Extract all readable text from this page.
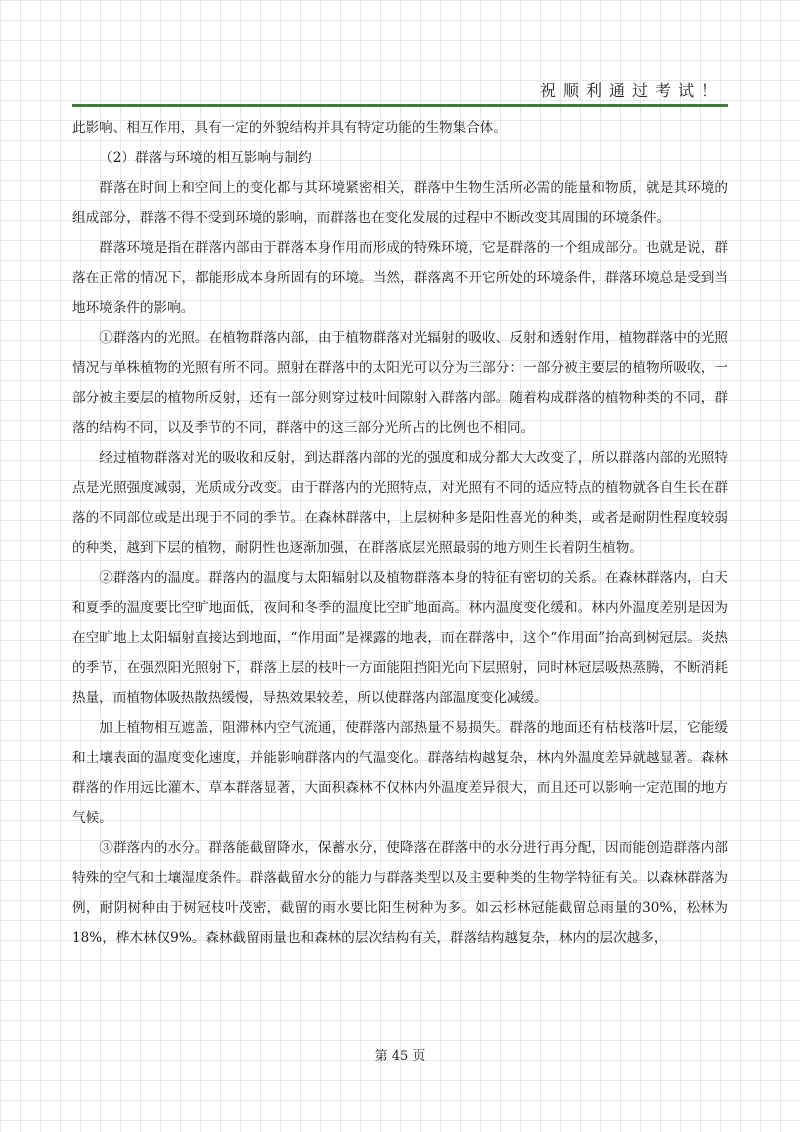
祝顺利通过考试！

此影响、相互作用，具有一定的外貌结构并具有特定功能的生物集合体。

（2）群落与环境的相互影响与制约

群落在时间上和空间上的变化都与其环境紧密相关，群落中生物生活所必需的能量和物质，就是其环境的组成部分，群落不得不受到环境的影响，而群落也在变化发展的过程中不断改变其周围的环境条件。

群落环境是指在群落内部由于群落本身作用而形成的特殊环境，它是群落的一个组成部分。也就是说，群落在正常的情况下，都能形成本身所固有的环境。当然，群落离不开它所处的环境条件，群落环境总是受到当地环境条件的影响。

①群落内的光照。在植物群落内部，由于植物群落对光辐射的吸收、反射和透射作用，植物群落中的光照情况与单株植物的光照有所不同。照射在群落中的太阳光可以分为三部分：一部分被主要层的植物所吸收，一部分被主要层的植物所反射，还有一部分则穿过枝叶间隙射入群落内部。随着构成群落的植物种类的不同，群落的结构不同，以及季节的不同，群落中的这三部分光所占的比例也不相同。

经过植物群落对光的吸收和反射，到达群落内部的光的强度和成分都大大改变了，所以群落内部的光照特点是光照强度减弱，光质成分改变。由于群落内的光照特点，对光照有不同的适应特点的植物就各自生长在群落的不同部位或是出现于不同的季节。在森林群落中，上层树种多是阳性喜光的种类，或者是耐阴性程度较弱的种类，越到下层的植物，耐阴性也逐渐加强，在群落底层光照最弱的地方则生长着阴生植物。

②群落内的温度。群落内的温度与太阳辐射以及植物群落本身的特征有密切的关系。在森林群落内，白天和夏季的温度要比空旷地面低，夜间和冬季的温度比空旷地面高。林内温度变化缓和。林内外温度差别是因为在空旷地上太阳辐射直接达到地面，“作用面”是裸露的地表，而在群落中，这个“作用面”抬高到树冠层。炎热的季节，在强烈阳光照射下，群落上层的枝叶一方面能阻挡阳光向下层照射，同时林冠层吸热蒸腾，不断消耗热量，而植物体吸热散热缓慢，导热效果较差，所以使群落内部温度变化减缓。

加上植物相互遮盖，阻滞林内空气流通，使群落内部热量不易损失。群落的地面还有枯枝落叶层，它能缓和土壤表面的温度变化速度，并能影响群落内的气温变化。群落结构越复杂，林内外温度差异就越显著。森林群落的作用远比灌木、草本群落显著，大面积森林不仅林内外温度差异很大，而且还可以影响一定范围的地方气候。

③群落内的水分。群落能截留降水，保蓄水分，使降落在群落中的水分进行再分配，因而能创造群落内部特殊的空气和土壤湿度条件。群落截留水分的能力与群落类型以及主要种类的生物学特征有关。以森林群落为例，耐阴树种由于树冠枝叶茂密，截留的雨水要比阳生树种为多。如云杉林冠能截留总雨量的30%，松林为18%，桦木林仅9%。森林截留雨量也和森林的层次结构有关，群落结构越复杂，林内的层次越多，

第 45 页
